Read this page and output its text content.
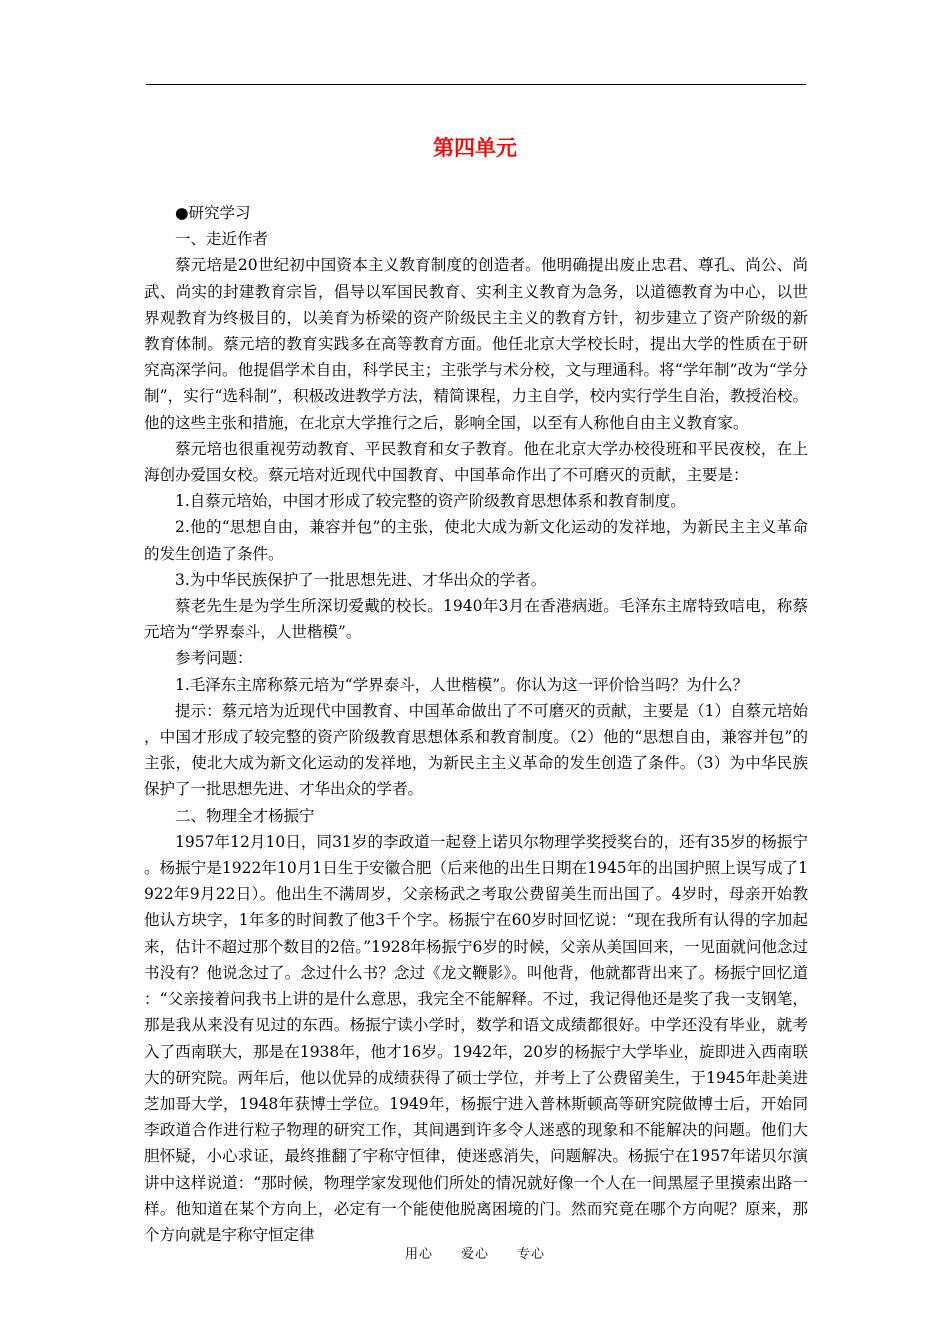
第四单元

●研究学习

一、走近作者

蔡元培是20世纪初中国资本主义教育制度的创造者。他明确提出废止忠君、尊孔、尚公、尚武、尚实的封建教育宗旨，倡导以军国民教育、实利主义教育为急务，以道德教育为中心，以世界观教育为终极目的，以美育为桥梁的资产阶级民主主义的教育方针，初步建立了资产阶级的新教育体制。蔡元培的教育实践多在高等教育方面。他任北京大学校长时，提出大学的性质在于研究高深学问。他提倡学术自由，科学民主；主张学与术分校，文与理通科。将“学年制”改为“学分制”，实行“选科制”，积极改进教学方法，精简课程，力主自学，校内实行学生自治，教授治校。他的这些主张和措施，在北京大学推行之后，影响全国，以至有人称他自由主义教育家。

蔡元培也很重视劳动教育、平民教育和女子教育。他在北京大学办校役班和平民夜校，在上海创办爱国女校。蔡元培对近现代中国教育、中国革命作出了不可磨灭的贡献，主要是：

1.自蔡元培始，中国才形成了较完整的资产阶级教育思想体系和教育制度。

2.他的“思想自由，兼容并包”的主张，使北大成为新文化运动的发祥地，为新民主主义革命的发生创造了条件。

3.为中华民族保护了一批思想先进、才华出众的学者。

蔡老先生是为学生所深切爱戴的校长。1940年3月在香港病逝。毛泽东主席特致唁电，称蔡元培为“学界泰斗，人世楷模”。

参考问题：

1.毛泽东主席称蔡元培为“学界泰斗，人世楷模”。你认为这一评价恰当吗？为什么？

提示：蔡元培为近现代中国教育、中国革命做出了不可磨灭的贡献，主要是（1）自蔡元培始，中国才形成了较完整的资产阶级教育思想体系和教育制度。（2）他的“思想自由，兼容并包”的主张，使北大成为新文化运动的发祥地，为新民主主义革命的发生创造了条件。（3）为中华民族保护了一批思想先进、才华出众的学者。

二、物理全才杨振宁

1957年12月10日，同31岁的李政道一起登上诺贝尔物理学奖授奖台的，还有35岁的杨振宁。杨振宁是1922年10月1日生于安徽合肥（后来他的出生日期在1945年的出国护照上误写成了1922年9月22日）。他出生不满周岁，父亲杨武之考取公费留美生而出国了。4岁时，母亲开始教他认方块字，1年多的时间教了他3千个字。杨振宁在60岁时回忆说：“现在我所有认得的字加起来，估计不超过那个数目的2倍。”1928年杨振宁6岁的时候，父亲从美国回来，一见面就问他念过书没有？他说念过了。念过什么书？念过《龙文鞭影》。叫他背，他就都背出来了。杨振宁回忆道：“父亲接着问我书上讲的是什么意思，我完全不能解释。不过，我记得他还是奖了我一支钢笔，那是我从来没有见过的东西。杨振宁读小学时，数学和语文成绩都很好。中学还没有毕业，就考入了西南联大，那是在1938年，他才16岁。1942年，20岁的杨振宁大学毕业，旋即进入西南联大的研究院。两年后，他以优异的成绩获得了硕士学位，并考上了公费留美生，于1945年赴美进芝加哥大学，1948年获博士学位。1949年，杨振宁进入普林斯顿高等研究院做博士后，开始同李政道合作进行粒子物理的研究工作，其间遇到许多令人迷惑的现象和不能解决的问题。他们大胆怀疑，小心求证，最终推翻了宇称守恒律，使迷惑消失，问题解决。杨振宁在1957年诺贝尔演讲中这样说道：“那时候，物理学家发现他们所处的情况就好像一个人在一间黑屋子里摸索出路一样。他知道在某个方向上，必定有一个能使他脱离困境的门。然而究竟在哪个方向呢？原来，那个方向就是宇称守恒定律

用心　　爱心　　专心
